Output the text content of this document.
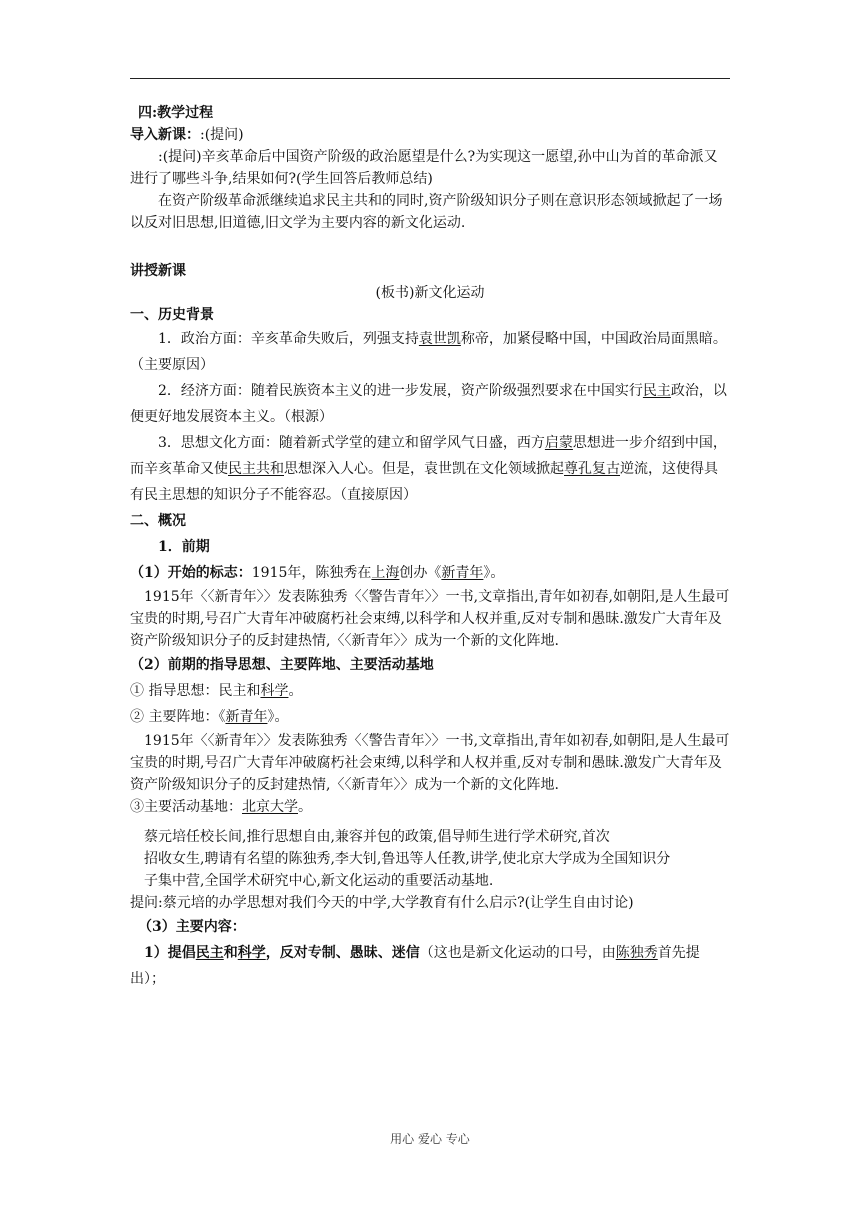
四:教学过程

导入新课：:(提问)

:(提问)辛亥革命后中国资产阶级的政治愿望是什么?为实现这一愿望,孙中山为首的革命派又进行了哪些斗争,结果如何?(学生回答后教师总结)

在资产阶级革命派继续追求民主共和的同时,资产阶级知识分子则在意识形态领域掀起了一场以反对旧思想,旧道德,旧文学为主要内容的新文化运动.

讲授新课

(板书)新文化运动

一、历史背景

1．政治方面：辛亥革命失败后，列强支持袁世凯称帝，加紧侵略中国，中国政治局面黑暗。（主要原因）

2．经济方面：随着民族资本主义的进一步发展，资产阶级强烈要求在中国实行民主政治，以便更好地发展资本主义。（根源）

3．思想文化方面：随着新式学堂的建立和留学风气日盛，西方启蒙思想进一步介绍到中国，而辛亥革命又使民主共和思想深入人心。但是，袁世凯在文化领域掀起尊孔复古逆流，这使得具有民主思想的知识分子不能容忍。（直接原因）

二、概况

1．前期

（1）开始的标志：1915年，陈独秀在上海创办《新青年》。

1915年〈〈新青年〉〉发表陈独秀〈〈警告青年〉〉一书,文章指出,青年如初春,如朝阳,是人生最可宝贵的时期,号召广大青年冲破腐朽社会束缚,以科学和人权并重,反对专制和愚昧.激发广大青年及资产阶级知识分子的反封建热情,〈〈新青年〉〉成为一个新的文化阵地.

（2）前期的指导思想、主要阵地、主要活动基地

① 指导思想：民主和科学。

② 主要阵地：《新青年》。

1915年〈〈新青年〉〉发表陈独秀〈〈警告青年〉〉一书,文章指出,青年如初春,如朝阳,是人生最可宝贵的时期,号召广大青年冲破腐朽社会束缚,以科学和人权并重,反对专制和愚昧.激发广大青年及资产阶级知识分子的反封建热情,〈〈新青年〉〉成为一个新的文化阵地.

③主要活动基地：北京大学。

蔡元培任校长间,推行思想自由,兼容并包的政策,倡导师生进行学术研究,首次

招收女生,聘请有名望的陈独秀,李大钊,鲁迅等人任教,讲学,使北京大学成为全国知识分

子集中营,全国学术研究中心,新文化运动的重要活动基地.

提问:蔡元培的办学思想对我们今天的中学,大学教育有什么启示?(让学生自由讨论)

（3）主要内容：

1）提倡民主和科学，反对专制、愚昧、迷信（这也是新文化运动的口号，由陈独秀首先提出）；

用心 爱心 专心
